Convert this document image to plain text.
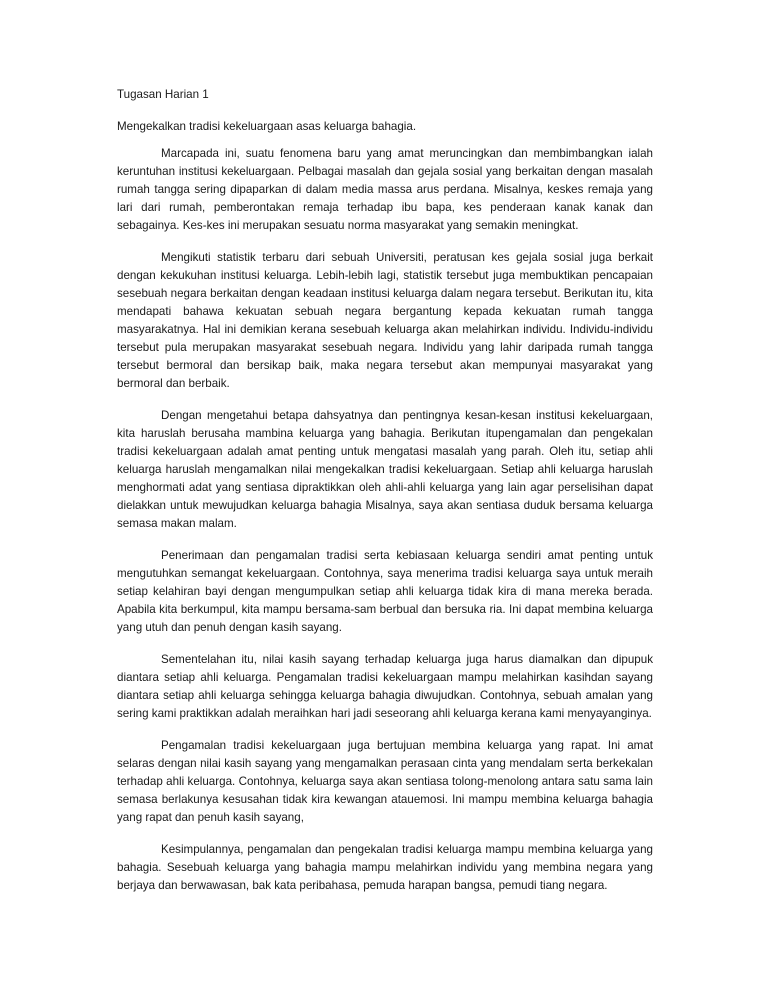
Tugasan Harian 1

Mengekalkan tradisi kekeluargaan asas keluarga bahagia.

Marcapada ini, suatu fenomena baru yang amat meruncingkan dan membimbangkan ialah keruntuhan institusi kekeluargaan. Pelbagai masalah dan gejala sosial yang berkaitan dengan masalah rumah tangga sering dipaparkan di dalam media massa arus perdana. Misalnya, keskes remaja yang lari dari rumah, pemberontakan remaja terhadap ibu bapa, kes penderaan kanak kanak dan sebagainya. Kes-kes ini merupakan sesuatu norma masyarakat yang semakin meningkat.

Mengikuti statistik terbaru dari sebuah Universiti, peratusan kes gejala sosial juga berkait dengan kekukuhan institusi keluarga. Lebih-lebih lagi, statistik tersebut juga membuktikan pencapaian sesebuah negara berkaitan dengan keadaan institusi keluarga dalam negara tersebut. Berikutan itu, kita mendapati bahawa kekuatan sebuah negara bergantung kepada kekuatan rumah tangga masyarakatnya. Hal ini demikian kerana sesebuah keluarga akan melahirkan individu. Individu-individu tersebut pula merupakan masyarakat sesebuah negara. Individu yang lahir daripada rumah tangga tersebut bermoral dan bersikap baik, maka negara tersebut akan mempunyai masyarakat yang bermoral dan berbaik.

Dengan mengetahui betapa dahsyatnya dan pentingnya kesan-kesan institusi kekeluargaan, kita haruslah berusaha mambina keluarga yang bahagia. Berikutan itupengamalan dan pengekalan tradisi kekeluargaan adalah amat penting untuk mengatasi masalah yang parah. Oleh itu, setiap ahli keluarga haruslah mengamalkan nilai mengekalkan tradisi kekeluargaan. Setiap ahli keluarga haruslah menghormati adat yang sentiasa dipraktikkan oleh ahli-ahli keluarga yang lain agar perselisihan dapat dielakkan untuk mewujudkan keluarga bahagia Misalnya, saya akan sentiasa duduk bersama keluarga semasa makan malam.

Penerimaan dan pengamalan tradisi serta kebiasaan keluarga sendiri amat penting untuk mengutuhkan semangat kekeluargaan. Contohnya, saya menerima tradisi keluarga saya untuk meraih setiap kelahiran bayi dengan mengumpulkan setiap ahli keluarga tidak kira di mana mereka berada. Apabila kita berkumpul, kita mampu bersama-sam berbual dan bersuka ria. Ini dapat membina keluarga yang utuh dan penuh dengan kasih sayang.

Sementelahan itu, nilai kasih sayang terhadap keluarga juga harus diamalkan dan dipupuk diantara setiap ahli keluarga. Pengamalan tradisi kekeluargaan mampu melahirkan kasihdan sayang diantara setiap ahli keluarga sehingga keluarga bahagia diwujudkan. Contohnya, sebuah amalan yang sering kami praktikkan adalah meraihkan hari jadi seseorang ahli keluarga kerana kami menyayanginya.

Pengamalan tradisi kekeluargaan juga bertujuan membina keluarga yang rapat. Ini amat selaras dengan nilai kasih sayang yang mengamalkan perasaan cinta yang mendalam serta berkekalan terhadap ahli keluarga. Contohnya, keluarga saya akan sentiasa tolong-menolong antara satu sama lain semasa berlakunya kesusahan tidak kira kewangan atauemosi. Ini mampu membina keluarga bahagia yang rapat dan penuh kasih sayang,

Kesimpulannya, pengamalan dan pengekalan tradisi keluarga mampu membina keluarga yang bahagia. Sesebuah keluarga yang bahagia mampu melahirkan individu yang membina negara yang berjaya dan berwawasan, bak kata peribahasa, pemuda harapan bangsa, pemudi tiang negara.
